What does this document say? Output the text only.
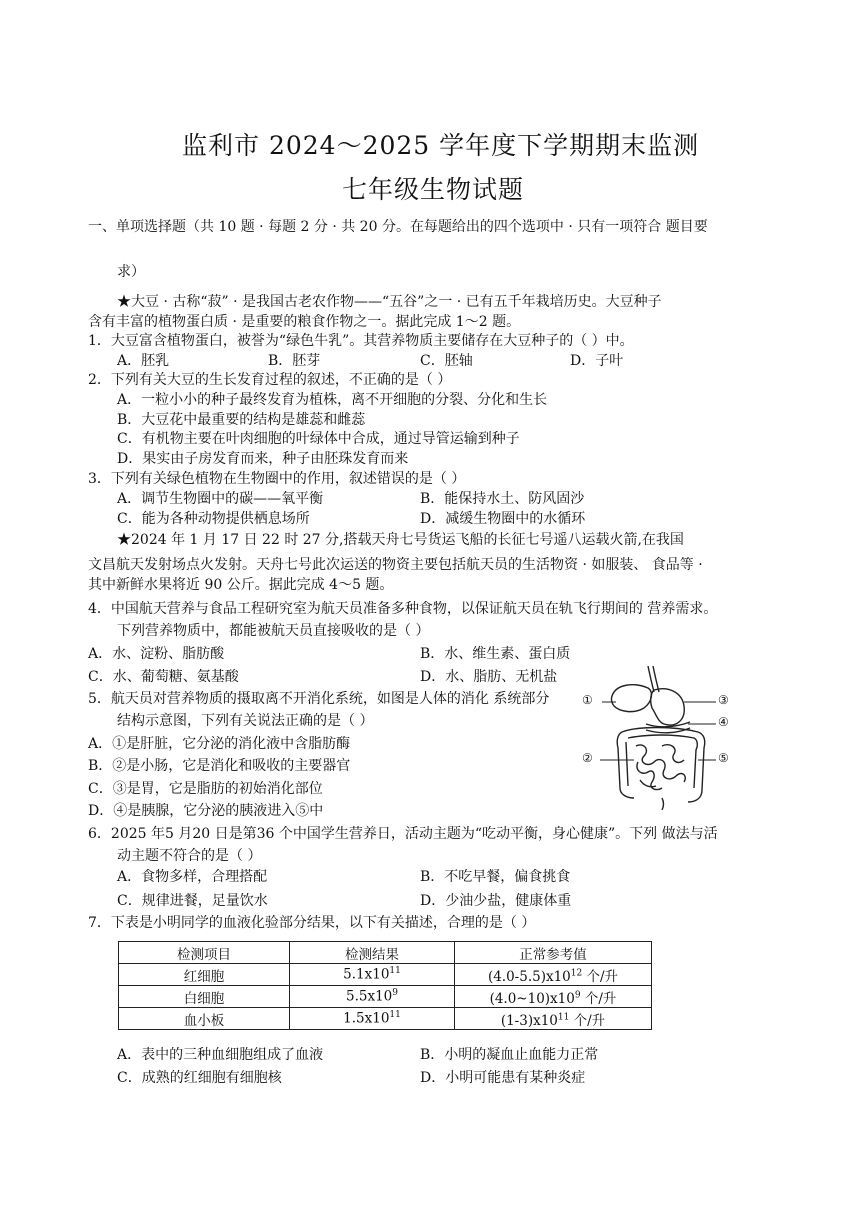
监利市 2024～2025 学年度下学期期末监测
七年级生物试题
一、单项选择题（共 10 题 · 每题 2 分 · 共 20 分。在每题给出的四个选项中 · 只有一项符合 题目要
求）
★大豆 · 古称“菽” · 是我国古老农作物——“五谷”之一 · 已有五千年栽培历史。大豆种子
含有丰富的植物蛋白质 · 是重要的粮食作物之一。据此完成 1～2 题。
1．大豆富含植物蛋白，被誉为“绿色牛乳”。其营养物质主要储存在大豆种子的（ ）中。
A．胚乳	B．胚芽	C．胚轴	D．子叶
2．下列有关大豆的生长发育过程的叙述，不正确的是（ ）
A．一粒小小的种子最终发育为植株，离不开细胞的分裂、分化和生长
B．大豆花中最重要的结构是雄蕊和雌蕊
C．有机物主要在叶肉细胞的叶绿体中合成，通过导管运输到种子
D．果实由子房发育而来，种子由胚珠发育而来
3．下列有关绿色植物在生物圈中的作用，叙述错误的是（ ）
A．调节生物圈中的碳——氧平衡	B．能保持水土、防风固沙
C．能为各种动物提供栖息场所	D．减缓生物圈中的水循环
★2024 年 1 月 17 日 22 时 27 分,搭载天舟七号货运飞船的长征七号遥八运载火箭,在我国
文昌航天发射场点火发射。天舟七号此次运送的物资主要包括航天员的生活物资 · 如服装、 食品等 ·
其中新鲜水果将近 90 公斤。据此完成 4～5 题。
4．中国航天营养与食品工程研究室为航天员准备多种食物，以保证航天员在轨飞行期间的 营养需求。
下列营养物质中，都能被航天员直接吸收的是（ ）
A．水、淀粉、脂肪酸	B．水、维生素、蛋白质
C．水、葡萄糖、氨基酸	D．水、脂肪、无机盐
5．航天员对营养物质的摄取离不开消化系统，如图是人体的消化 系统部分
结构示意图，下列有关说法正确的是（ ）
A．①是肝脏，它分泌的消化液中含脂肪酶
B．②是小肠，它是消化和吸收的主要器官
C．③是胃，它是脂肪的初始消化部位
D．④是胰腺，它分泌的胰液进入⑤中
①
②
③
④
⑤
6．2025 年5 月20 日是第36 个中国学生营养日，活动主题为“吃动平衡，身心健康”。下列 做法与活
动主题不符合的是（ ）
A．食物多样，合理搭配	B．不吃早餐，偏食挑食
C．规律进餐，足量饮水	D．少油少盐，健康体重
7．下表是小明同学的血液化验部分结果，以下有关描述，合理的是（ ）
检测项目	检测结果	正常参考值
红细胞	$5.1x10^{11}$	$(4.0-5.5)x10^{12}$ 个/升
白细胞	$5.5x10^9$	$(4.0\sim 10)x10^9$ 个/升
血小板	$1.5x10^{11}$	$(1-3)x10^{11}$ 个/升
A．表中的三种血细胞组成了血液	B．小明的凝血止血能力正常
C．成熟的红细胞有细胞核	D．小明可能患有某种炎症
